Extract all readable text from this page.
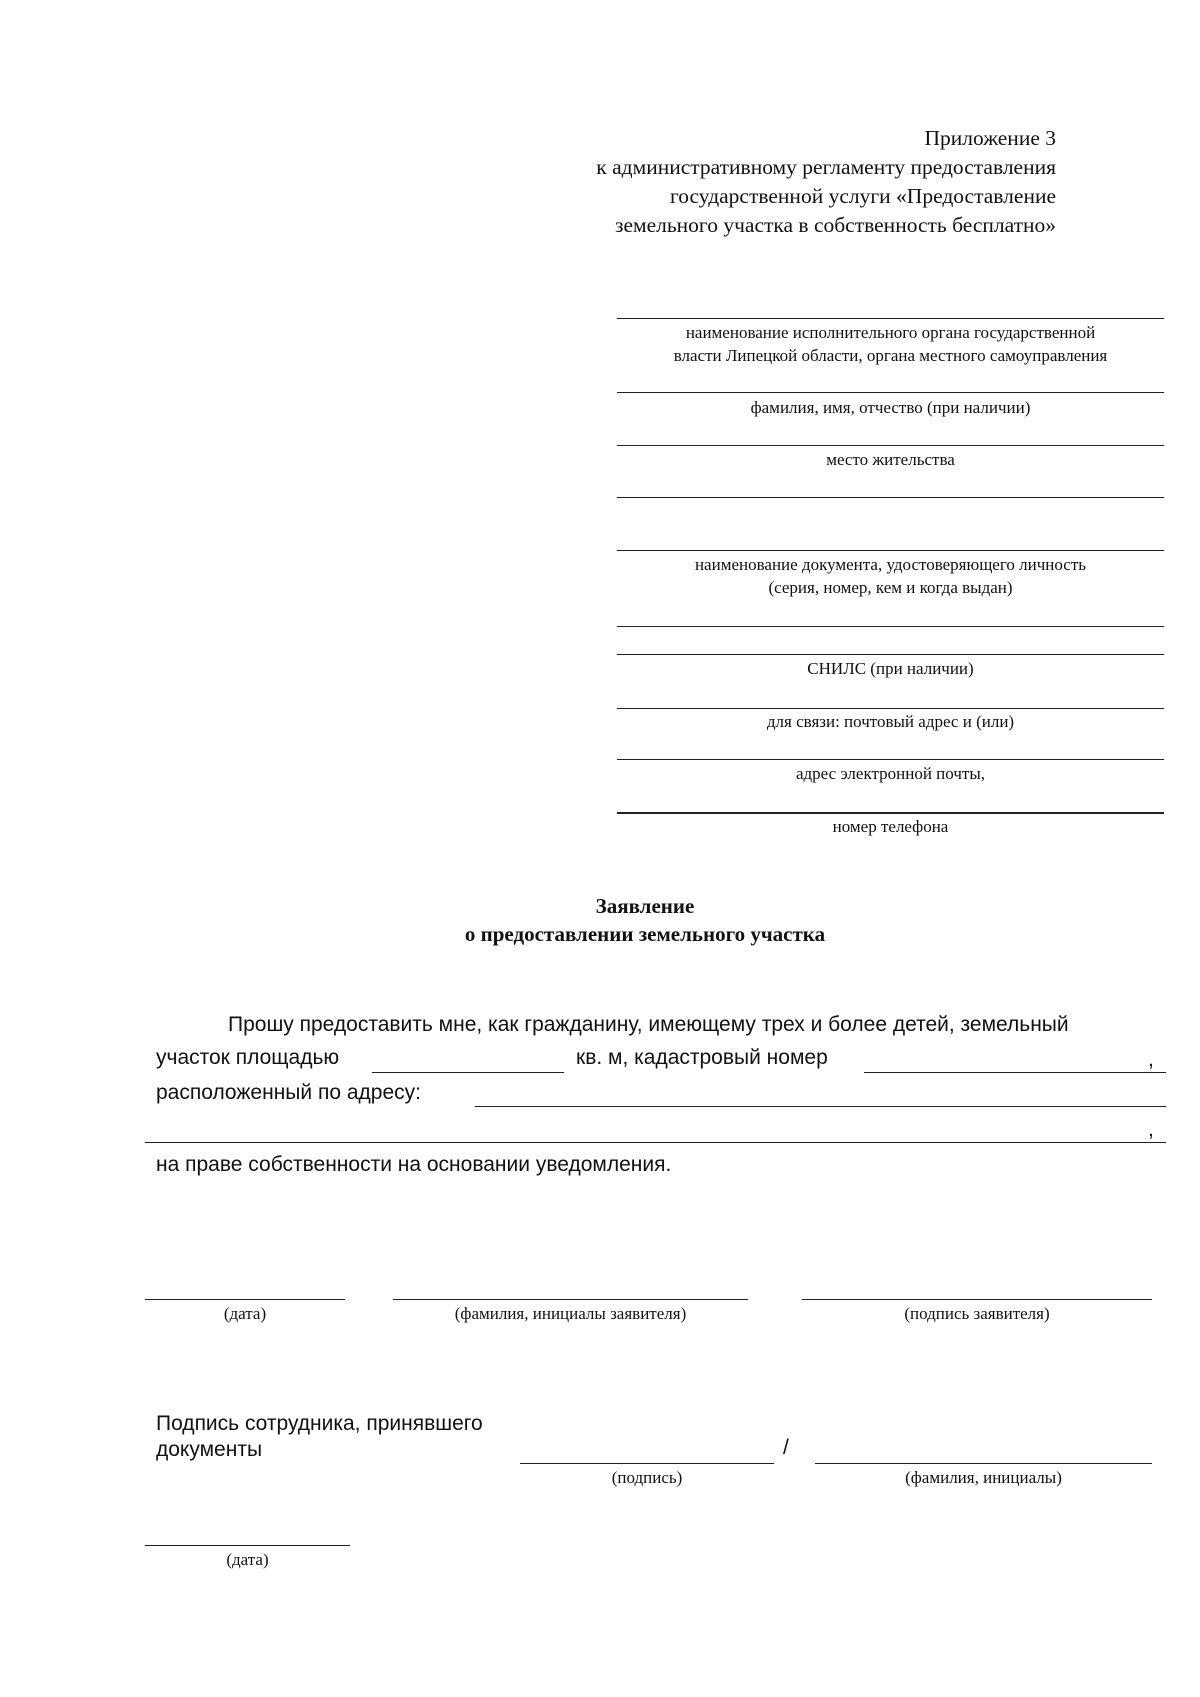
Приложение 3
к административному регламенту предоставления
государственной услуги «Предоставление
земельного участка в собственность бесплатно»
наименование исполнительного органа государственной
власти Липецкой области, органа местного самоуправления
фамилия, имя, отчество (при наличии)
место жительства
наименование документа, удостоверяющего личность
(серия, номер, кем и когда выдан)
СНИЛС (при наличии)
для связи: почтовый адрес и (или)
адрес электронной почты,
номер телефона
Заявление
о предоставлении земельного участка
Прошу предоставить мне, как гражданину, имеющему трех и более детей, земельный
участок площадью	кв. м, кадастровый номер	,
расположенный по адресу:
,
на праве собственности на основании уведомления.
(дата)	(фамилия, инициалы заявителя)	(подпись заявителя)
Подпись сотрудника, принявшего
документы	/
(подпись)	(фамилия, инициалы)
(дата)
